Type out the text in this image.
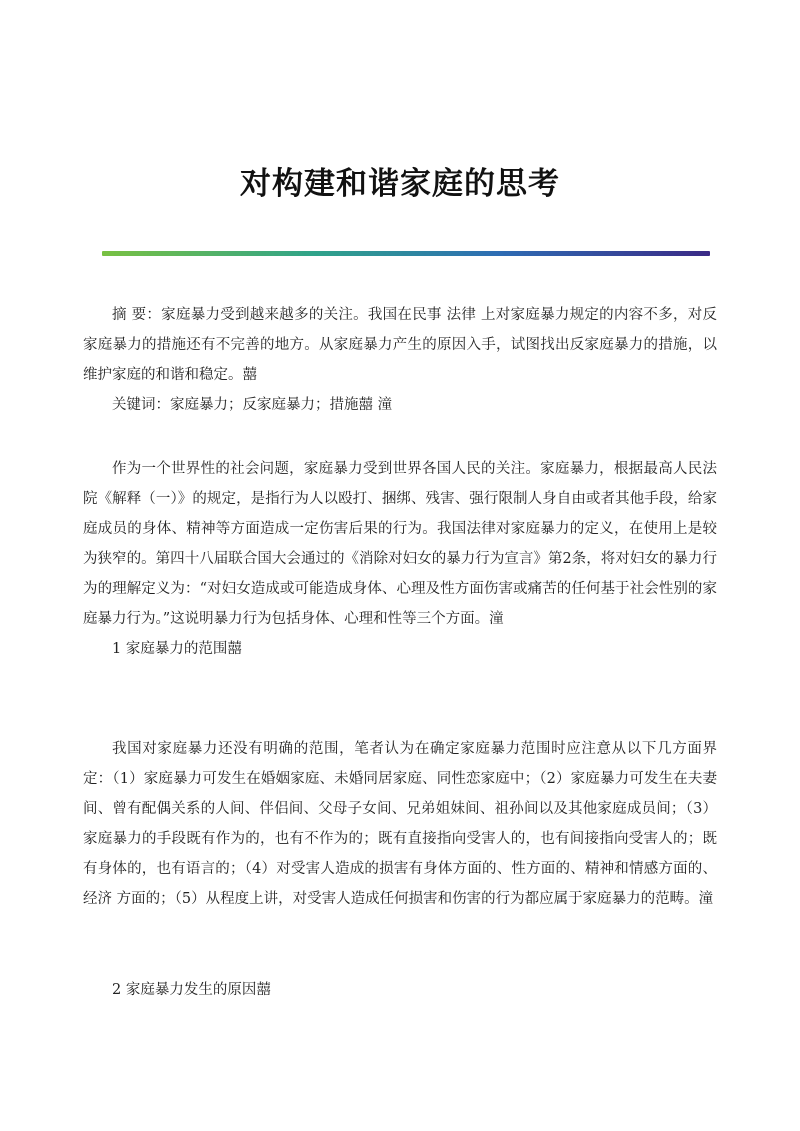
对构建和谐家庭的思考

摘 要：家庭暴力受到越来越多的关注。我国在民事 法律 上对家庭暴力规定的内容不多，对反家庭暴力的措施还有不完善的地方。从家庭暴力产生的原因入手，试图找出反家庭暴力的措施，以维护家庭的和谐和稳定。囍

关键词：家庭暴力；反家庭暴力；措施囍 潼

作为一个世界性的社会问题，家庭暴力受到世界各国人民的关注。家庭暴力，根据最高人民法院《解释（一）》的规定，是指行为人以殴打、捆绑、残害、强行限制人身自由或者其他手段，给家庭成员的身体、精神等方面造成一定伤害后果的行为。我国法律对家庭暴力的定义，在使用上是较为狭窄的。第四十八届联合国大会通过的《消除对妇女的暴力行为宣言》第2条，将对妇女的暴力行为的理解定义为：“对妇女造成或可能造成身体、心理及性方面伤害或痛苦的任何基于社会性别的家庭暴力行为。”这说明暴力行为包括身体、心理和性等三个方面。潼

1 家庭暴力的范围囍

我国对家庭暴力还没有明确的范围，笔者认为在确定家庭暴力范围时应注意从以下几方面界定：（1）家庭暴力可发生在婚姻家庭、未婚同居家庭、同性恋家庭中；（2）家庭暴力可发生在夫妻间、曾有配偶关系的人间、伴侣间、父母子女间、兄弟姐妹间、祖孙间以及其他家庭成员间；（3）家庭暴力的手段既有作为的，也有不作为的；既有直接指向受害人的，也有间接指向受害人的；既有身体的，也有语言的；（4）对受害人造成的损害有身体方面的、性方面的、精神和情感方面的、 经济 方面的；（5）从程度上讲，对受害人造成任何损害和伤害的行为都应属于家庭暴力的范畴。潼

2 家庭暴力发生的原因囍
